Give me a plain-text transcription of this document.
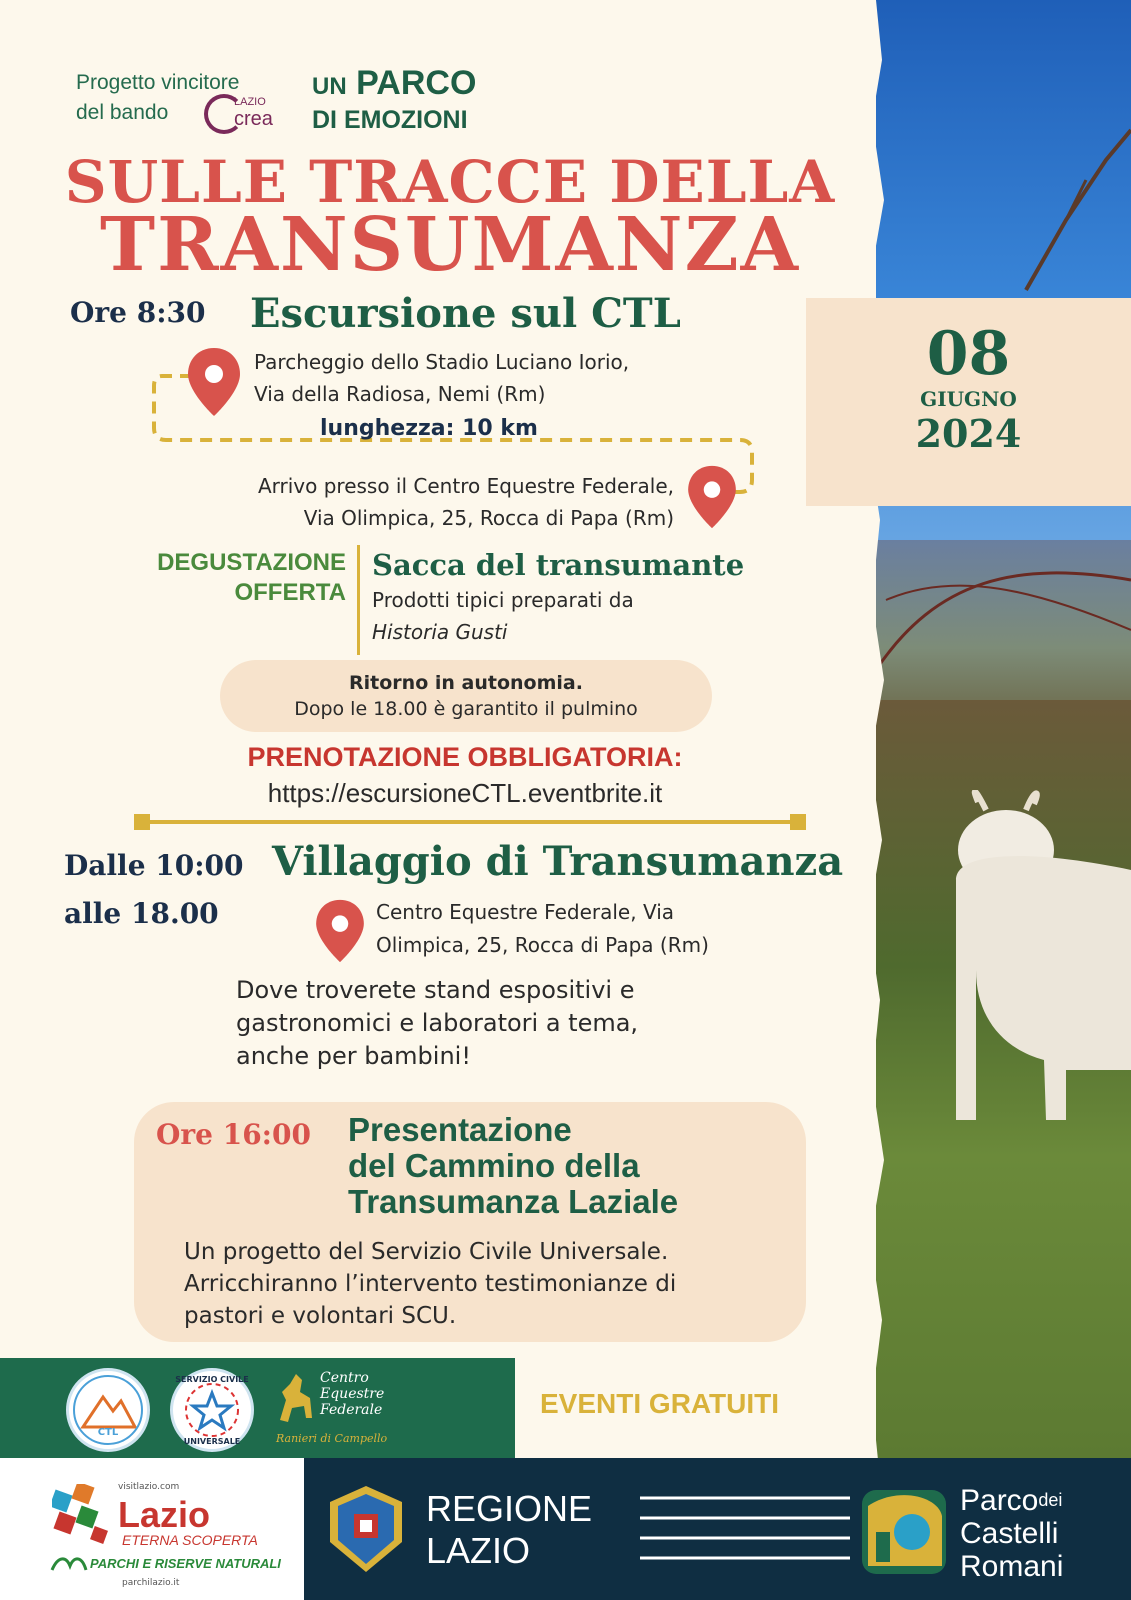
Progetto vincitore
del bando	LAZIO
crea
UN PARCO
DI EMOZIONI
SULLE TRACCE DELLA
TRANSUMANZA
08
GIUGNO
2024
Ore 8:30 Escursione sul CTL
Parcheggio dello Stadio Luciano Iorio,
Via della Radiosa, Nemi (Rm)
lunghezza: 10 km
Arrivo presso il Centro Equestre Federale,
Via Olimpica, 25, Rocca di Papa (Rm)
DEGUSTAZIONE
OFFERTA
Sacca del transumante
Prodotti tipici preparati da
Historia Gusti
Ritorno in autonomia.
Dopo le 18.00 è garantito il pulmino
PRENOTAZIONE OBBLIGATORIA:
https://escursioneCTL.eventbrite.it
Dalle 10:00
alle 18.00
Villaggio di Transumanza
Centro Equestre Federale, Via
Olimpica, 25, Rocca di Papa (Rm)
Dove troverete stand espositivi e
gastronomici e laboratori a tema,
anche per bambini!
Ore 16:00 Presentazione
del Cammino della
Transumanza Laziale
Un progetto del Servizio Civile Universale.
Arricchiranno l’intervento testimonianze di
pastori e volontari SCU.
CTL
SERVIZIO CIVILE
UNIVERSALE
Centro
Equestre
Federale
Ranieri di Campello
EVENTI GRATUITI
visitlazio.com
Lazio
ETERNA SCOPERTA
PARCHI E RISERVE NATURALI
parchilazio.it
REGIONE
LAZIO
Parco$^{dei}$
Castelli
Romani
